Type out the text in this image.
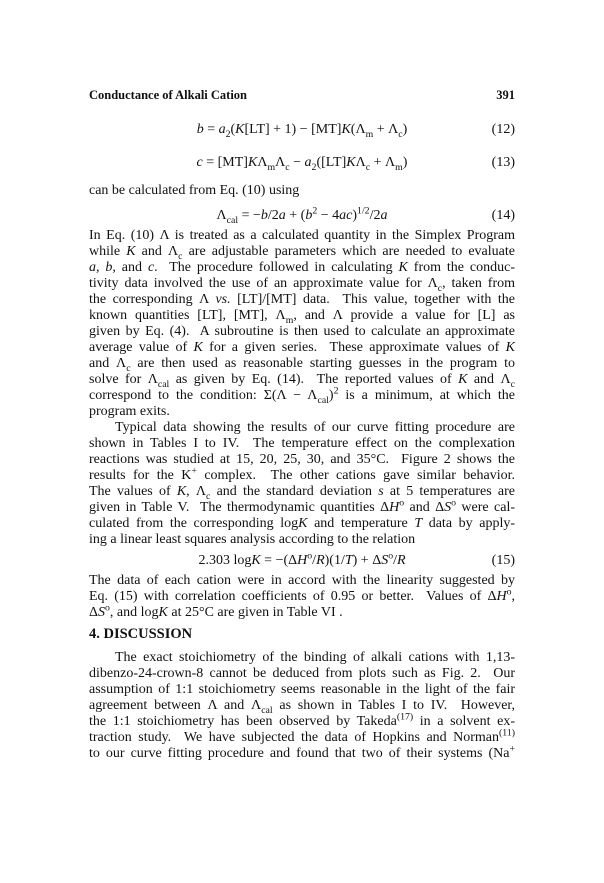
Conductance of Alkali Cation	391
$b = a_2(K[LT] + 1) - [MT]K(\Lambda_m + \Lambda_c)$	(12)
$c = [MT]K\Lambda_m\Lambda_c - a_2([LT]K\Lambda_c + \Lambda_m)$	(13)
can be calculated from Eq. (10) using
$\Lambda_{cal} = -b/2a + (b^2 - 4ac)^{1/2}/2a$	(14)
In Eq. (10) Λ is treated as a calculated quantity in the Simplex Program
while K and $\Lambda_c$ are adjustable parameters which are needed to evaluate
a, b, and c.  The procedure followed in calculating K from the conduc-
tivity data involved the use of an approximate value for $\Lambda_c$, taken from
the corresponding Λ vs. [LT]/[MT] data.  This value, together with the
known quantities [LT], [MT], $\Lambda_m$, and Λ provide a value for [L] as
given by Eq. (4).  A subroutine is then used to calculate an approximate
average value of K for a given series.  These approximate values of K
and $\Lambda_c$ are then used as reasonable starting guesses in the program to
solve for $\Lambda_{cal}$ as given by Eq. (14).  The reported values of K and $\Lambda_c$
correspond to the condition: $\Sigma(\Lambda - \Lambda_{cal})^2$ is a minimum, at which the
program exits.
Typical data showing the results of our curve fitting procedure are
shown in Tables I to IV.  The temperature effect on the complexation
reactions was studied at 15, 20, 25, 30, and 35°C.  Figure 2 shows the
results for the K+ complex.  The other cations gave similar behavior.
The values of K, $\Lambda_c$ and the standard deviation s at 5 temperatures are
given in Table V.  The thermodynamic quantities $\Delta H^o$ and $\Delta S^o$ were cal-
culated from the corresponding logK and temperature T data by apply-
ing a linear least squares analysis according to the relation
2.303 $\log K = -(\Delta H^o/R)(1/T) + \Delta S^o/R$	(15)
The data of each cation were in accord with the linearity suggested by
Eq. (15) with correlation coefficients of 0.95 or better.  Values of $\Delta H^o$,
$\Delta S^o$, and logK at 25°C are given in Table VI .
4. DISCUSSION
The exact stoichiometry of the binding of alkali cations with 1,13-
dibenzo-24-crown-8 cannot be deduced from plots such as Fig. 2.  Our
assumption of 1:1 stoichiometry seems reasonable in the light of the fair
agreement between Λ and $\Lambda_{cal}$ as shown in Tables I to IV.  However,
the 1:1 stoichiometry has been observed by Takeda$^{(17)}$ in a solvent ex-
traction study.  We have subjected the data of Hopkins and Norman$^{(11)}$
to our curve fitting procedure and found that two of their systems (Na+
